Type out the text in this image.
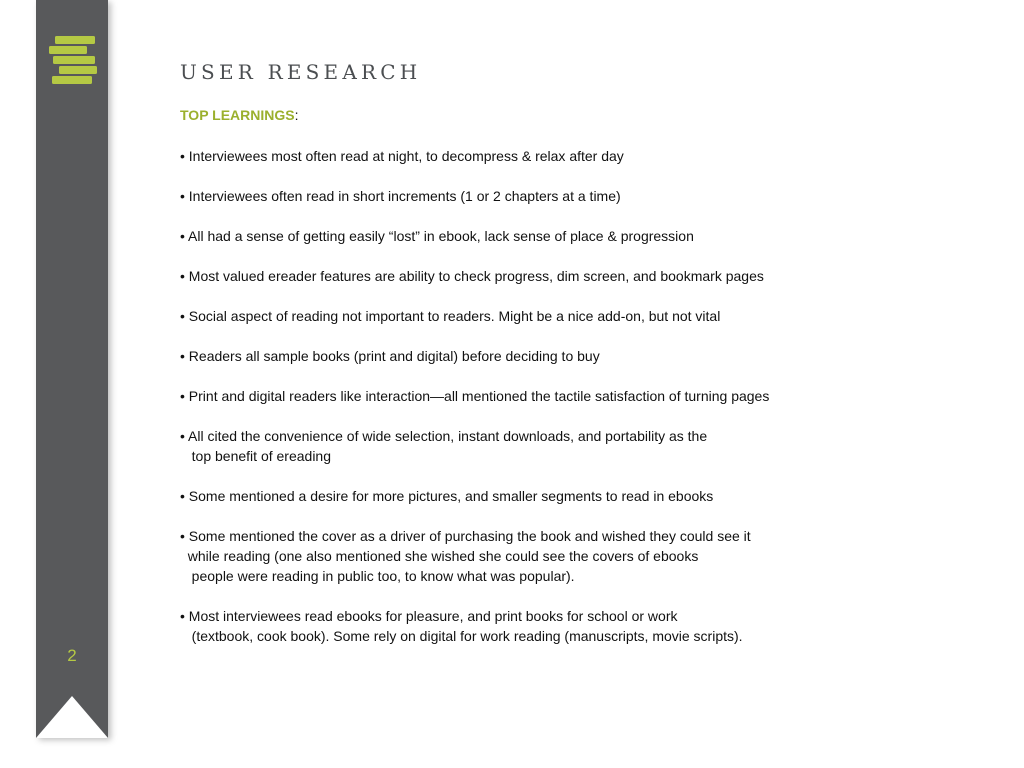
2
USER RESEARCH
TOP LEARNINGS:
• Interviewees most often read at night, to decompress & relax after day
• Interviewees often read in short increments (1 or 2 chapters at a time)
• All had a sense of getting easily “lost” in ebook, lack sense of place & progression
• Most valued ereader features are ability to check progress, dim screen, and bookmark pages
• Social aspect of reading not important to readers. Might be a nice add-on, but not vital
• Readers all sample books (print and digital) before deciding to buy
• Print and digital readers like interaction—all mentioned the tactile satisfaction of turning pages
• All cited the convenience of wide selection, instant downloads, and portability as the
top benefit of ereading
• Some mentioned a desire for more pictures, and smaller segments to read in ebooks
• Some mentioned the cover as a driver of purchasing the book and wished they could see it
while reading (one also mentioned she wished she could see the covers of ebooks
people were reading in public too, to know what was popular).
• Most interviewees read ebooks for pleasure, and print books for school or work
(textbook, cook book). Some rely on digital for work reading (manuscripts, movie scripts).
